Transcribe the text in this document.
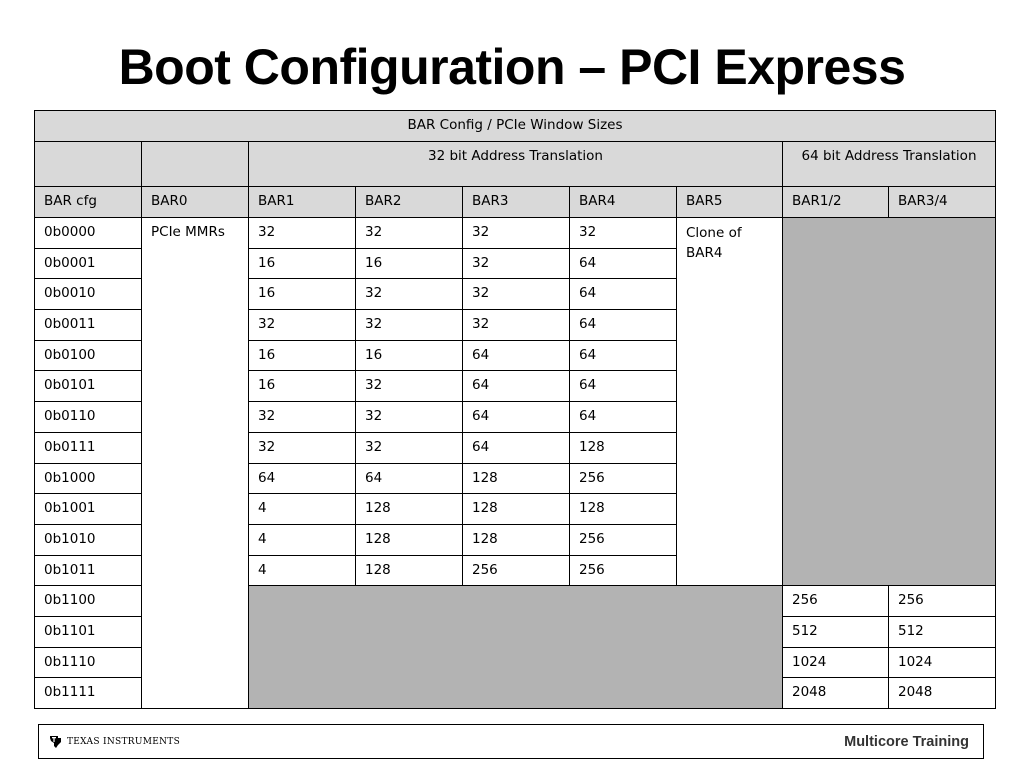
Boot Configuration – PCI Express
BAR Config / PCIe Window Sizes								
		32 bit Address Translation					64 bit Address Translation	
BAR cfg	BAR0	BAR1	BAR2	BAR3	BAR4	BAR5	BAR1/2	BAR3/4
0b0000	PCIe MMRs	32	32	32	32	Clone of BAR4		
0b0001		16	16	32	64			
0b0010		16	32	32	64			
0b0011		32	32	32	64			
0b0100		16	16	64	64			
0b0101		16	32	64	64			
0b0110		32	32	64	64			
0b0111		32	32	64	128			
0b1000		64	64	128	256			
0b1001		4	128	128	128			
0b1010		4	128	128	256			
0b1011		4	128	256	256			
0b1100							256	256
0b1101							512	512
0b1110							1024	1024
0b1111							2048	2048
TEXAS INSTRUMENTS	Multicore Training
